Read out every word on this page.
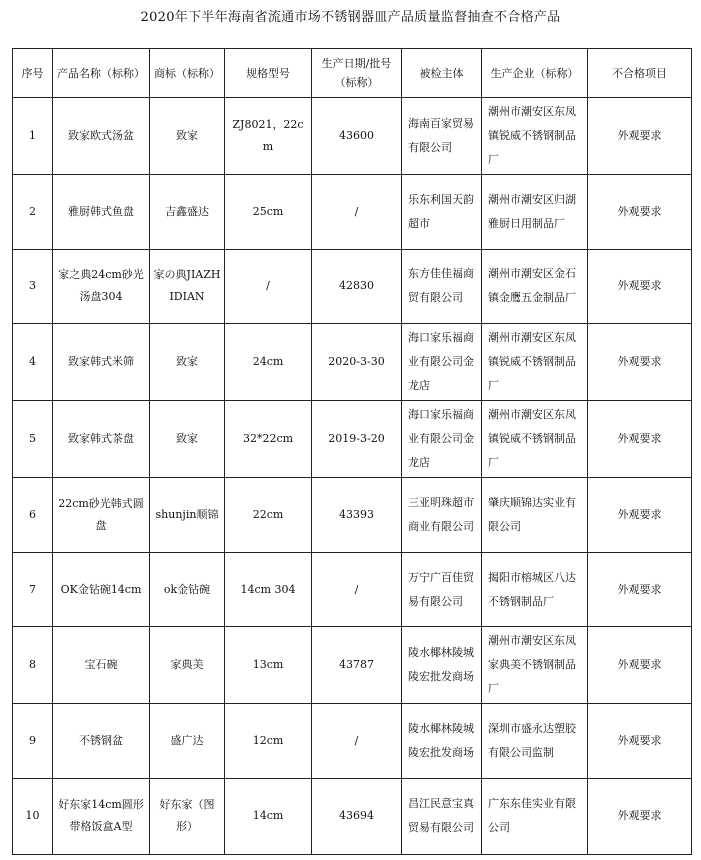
2020年下半年海南省流通市场不锈钢器皿产品质量监督抽查不合格产品
序号	产品名称（标称）	商标（标称）	规格型号	生产日期/批号（标称）	被检主体	生产企业（标称）	不合格项目
1	致家欧式汤盆	致家	ZJ8021，22cm	43600	海南百家贸易有限公司	潮州市潮安区东凤镇锐威不锈钢制品厂	外观要求
2	雅厨韩式鱼盘	吉鑫盛达	25cm	/	乐东利国天韵超市	潮州市潮安区归湖雅厨日用制品厂	外观要求
3	家之典24cm砂光汤盘304	家の典JIAZHIDIAN	/	42830	东方佳佳福商贸有限公司	潮州市潮安区金石镇金鹰五金制品厂	外观要求
4	致家韩式米筛	致家	24cm	2020-3-30	海口家乐福商业有限公司金龙店	潮州市潮安区东凤镇锐威不锈钢制品厂	外观要求
5	致家韩式茶盘	致家	32*22cm	2019-3-20	海口家乐福商业有限公司金龙店	潮州市潮安区东凤镇锐威不锈钢制品厂	外观要求
6	22cm砂光韩式圆盘	shunjin顺锦	22cm	43393	三亚明珠超市商业有限公司	肇庆顺锦达实业有限公司	外观要求
7	OK金钻碗14cm	ok金钻碗	14cm 304	/	万宁广百佳贸易有限公司	揭阳市榕城区八达不锈钢制品厂	外观要求
8	宝石碗	家典美	13cm	43787	陵水椰林陵城陵宏批发商场	潮州市潮安区东凤家典美不锈钢制品厂	外观要求
9	不锈钢盆	盛广达	12cm	/	陵水椰林陵城陵宏批发商场	深圳市盛永达塑胶有限公司监制	外观要求
10	好东家14cm圆形带格饭盒A型	好东家（图形）	14cm	43694	昌江民意宝真贸易有限公司	广东东佳实业有限公司	外观要求
